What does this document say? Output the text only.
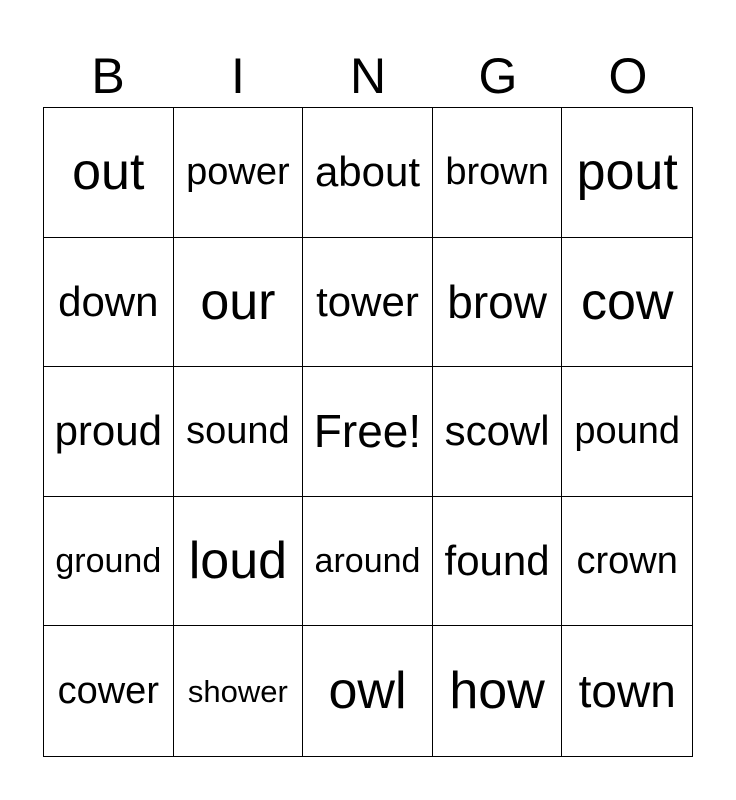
B	I	N	G	O
out	power about brown pout
down our tower brow cow
proud sound Free! scowl pound
ground loud around found crown
cower shower owl how town
